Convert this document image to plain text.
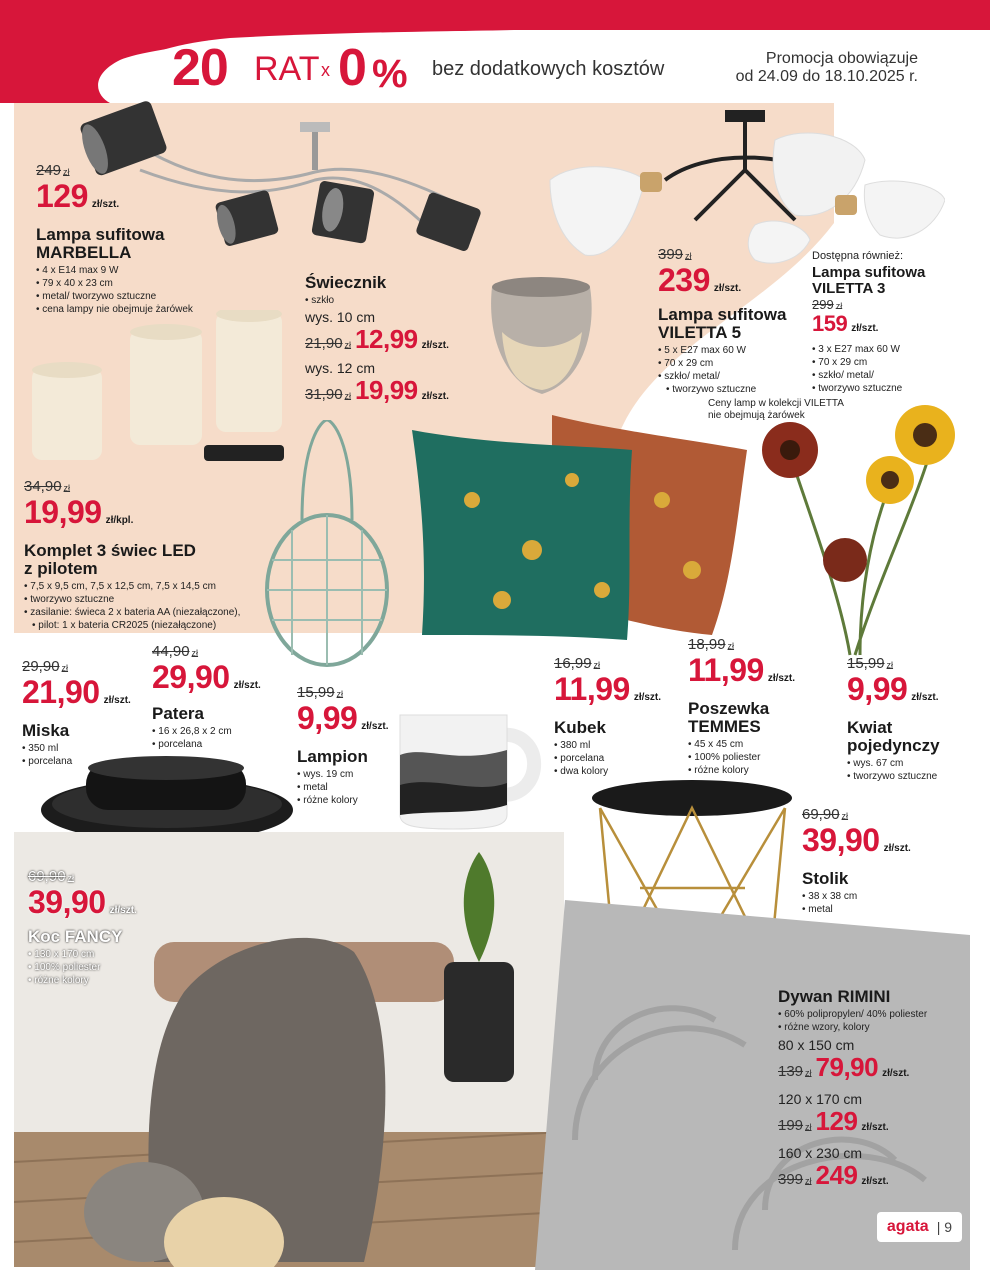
20 RAT x 0 % bez dodatkowych kosztów	Promocja obowiązuje
od 24.09 do 18.10.2025 r.
249 zł
129 zł/szt.
Lampa sufitowa
MARBELLA
• 4 x E14 max 9 W
• 79 x 40 x 23 cm
• metal/ tworzywo sztuczne
• cena lampy nie obejmuje żarówek
Świecznik
• szkło
wys. 10 cm
21,90 zł 12,99 zł/szt.
wys. 12 cm
31,90 zł 19,99 zł/szt.
399 zł
239 zł/szt.
Lampa sufitowa
VILETTA 5
• 5 x E27 max 60 W
• 70 x 29 cm
• szkło/ metal/
• tworzywo sztuczne
Dostępna również:
Lampa sufitowa
VILETTA 3
299 zł
159 zł/szt.
• 3 x E27 max 60 W
• 70 x 29 cm
• szkło/ metal/
• tworzywo sztuczne
Ceny lamp w kolekcji VILETTA
nie obejmują żarówek
34,90 zł
19,99 zł/kpl.
Komplet 3 świec LED
z pilotem
• 7,5 x 9,5 cm, 7,5 x 12,5 cm, 7,5 x 14,5 cm
• tworzywo sztuczne
• zasilanie: świeca 2 x bateria AA (niezałączone),
• pilot: 1 x bateria CR2025 (niezałączone)
29,90 zł
21,90 zł/szt.
Miska
• 350 ml
• porcelana
44,90 zł
29,90 zł/szt.
Patera
• 16 x 26,8 x 2 cm
• porcelana
15,99 zł
9,99 zł/szt.
Lampion
• wys. 19 cm
• metal
• różne kolory
16,99 zł
11,99 zł/szt.
Kubek
• 380 ml
• porcelana
• dwa kolory
18,99 zł
11,99 zł/szt.
Poszewka
TEMMES
• 45 x 45 cm
• 100% poliester
• różne kolory
15,99 zł
9,99 zł/szt.
Kwiat
pojedynczy
• wys. 67 cm
• tworzywo sztuczne
69,90 zł
39,90 zł/szt.
Koc FANCY
• 130 x 170 cm
• 100% poliester
• różne kolory
69,90 zł
39,90 zł/szt.
Stolik
• 38 x 38 cm
• metal
Dywan RIMINI
• 60% polipropylen/ 40% poliester
• różne wzory, kolory
80 x 150 cm
139 zł 79,90 zł/szt.
120 x 170 cm
199 zł 129 zł/szt.
160 x 230 cm
399 zł 249 zł/szt.
agata | 9
